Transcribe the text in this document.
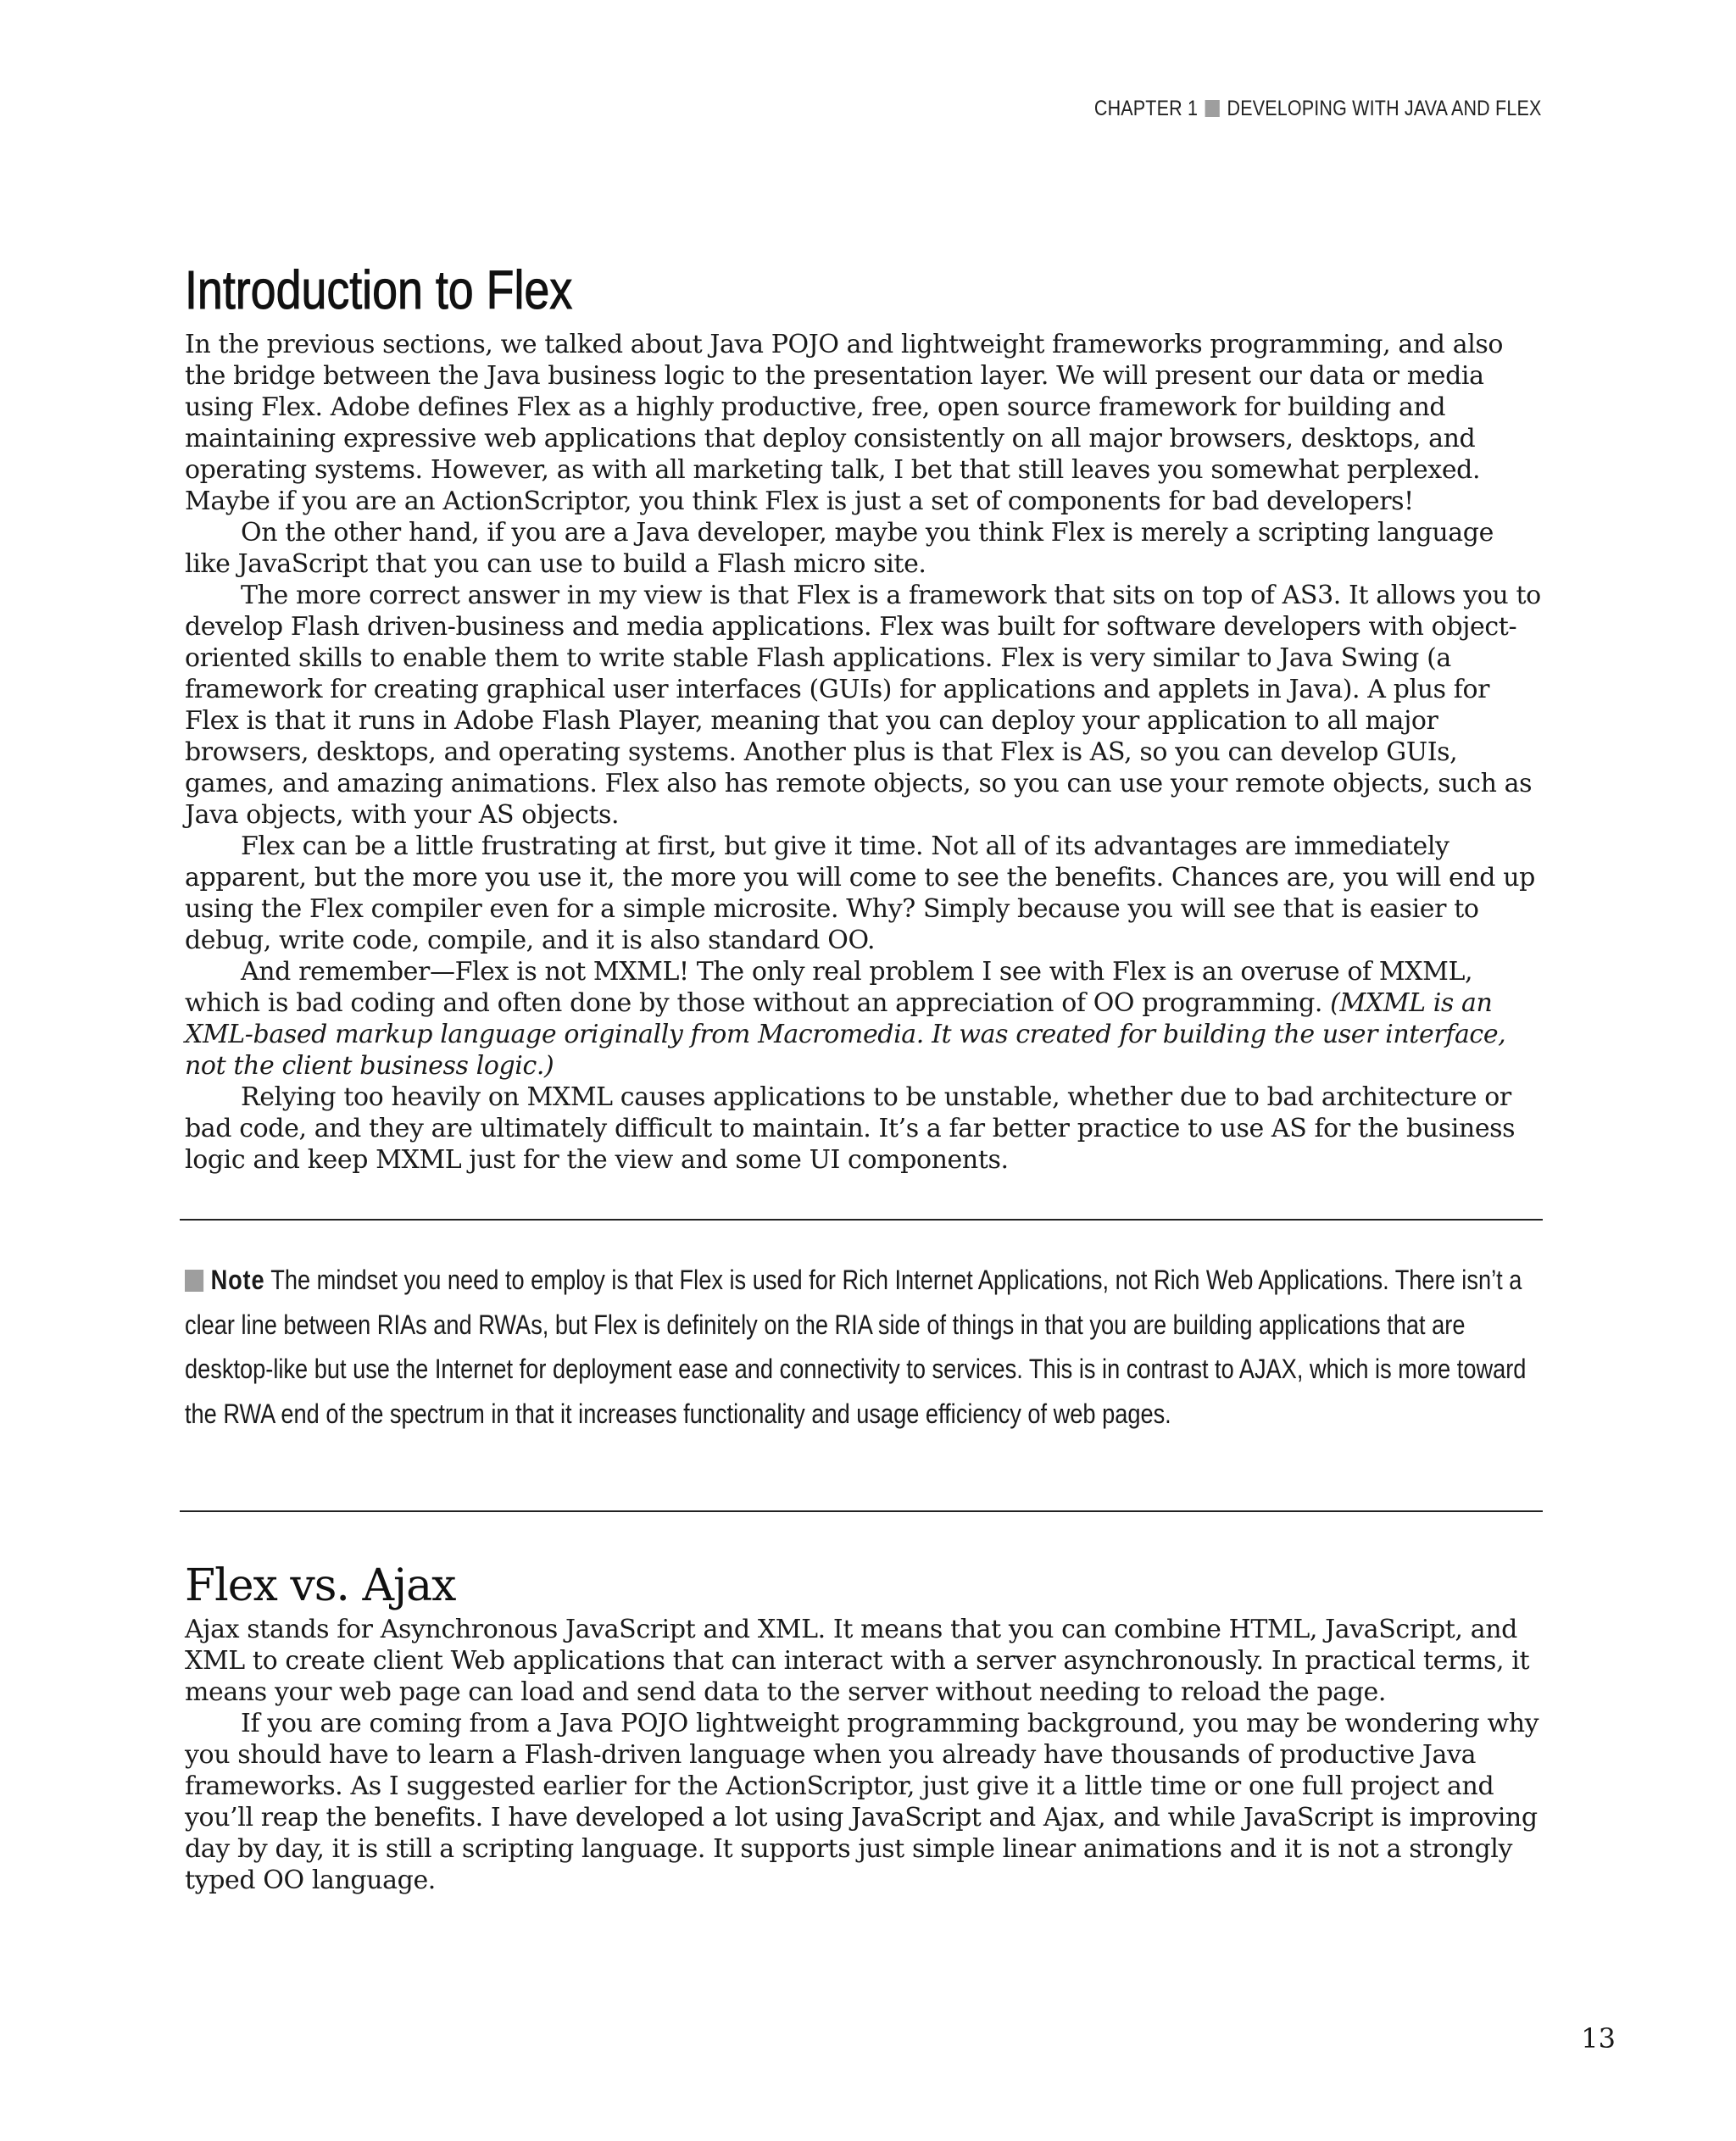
CHAPTER 1 DEVELOPING WITH JAVA AND FLEX
Introduction to Flex

In the previous sections, we talked about Java POJO and lightweight frameworks programming, and also the bridge between the Java business logic to the presentation layer. We will present our data or media using Flex. Adobe defines Flex as a highly productive, free, open source framework for building and maintaining expressive web applications that deploy consistently on all major browsers, desktops, and operating systems. However, as with all marketing talk, I bet that still leaves you somewhat perplexed. Maybe if you are an ActionScriptor, you think Flex is just a set of components for bad developers!

On the other hand, if you are a Java developer, maybe you think Flex is merely a scripting language like JavaScript that you can use to build a Flash micro site.

The more correct answer in my view is that Flex is a framework that sits on top of AS3. It allows you to develop Flash driven-business and media applications. Flex was built for software developers with object-oriented skills to enable them to write stable Flash applications. Flex is very similar to Java Swing (a framework for creating graphical user interfaces (GUIs) for applications and applets in Java). A plus for Flex is that it runs in Adobe Flash Player, meaning that you can deploy your application to all major browsers, desktops, and operating systems. Another plus is that Flex is AS, so you can develop GUIs, games, and amazing animations. Flex also has remote objects, so you can use your remote objects, such as Java objects, with your AS objects.

Flex can be a little frustrating at first, but give it time. Not all of its advantages are immediately apparent, but the more you use it, the more you will come to see the benefits. Chances are, you will end up using the Flex compiler even for a simple microsite. Why? Simply because you will see that is easier to debug, write code, compile, and it is also standard OO.

And remember—Flex is not MXML! The only real problem I see with Flex is an overuse of MXML, which is bad coding and often done by those without an appreciation of OO programming. (MXML is an XML-based markup language originally from Macromedia. It was created for building the user interface, not the client business logic.)

Relying too heavily on MXML causes applications to be unstable, whether due to bad architecture or bad code, and they are ultimately difficult to maintain. It’s a far better practice to use AS for the business logic and keep MXML just for the view and some UI components.

Note The mindset you need to employ is that Flex is used for Rich Internet Applications, not Rich Web Applications. There isn’t a clear line between RIAs and RWAs, but Flex is definitely on the RIA side of things in that you are building applications that are desktop-like but use the Internet for deployment ease and connectivity to services. This is in contrast to AJAX, which is more toward the RWA end of the spectrum in that it increases functionality and usage efficiency of web pages.
Flex vs. Ajax

Ajax stands for Asynchronous JavaScript and XML. It means that you can combine HTML, JavaScript, and XML to create client Web applications that can interact with a server asynchronously. In practical terms, it means your web page can load and send data to the server without needing to reload the page.

If you are coming from a Java POJO lightweight programming background, you may be wondering why you should have to learn a Flash-driven language when you already have thousands of productive Java frameworks. As I suggested earlier for the ActionScriptor, just give it a little time or one full project and you’ll reap the benefits. I have developed a lot using JavaScript and Ajax, and while JavaScript is improving day by day, it is still a scripting language. It supports just simple linear animations and it is not a strongly typed OO language.

13
